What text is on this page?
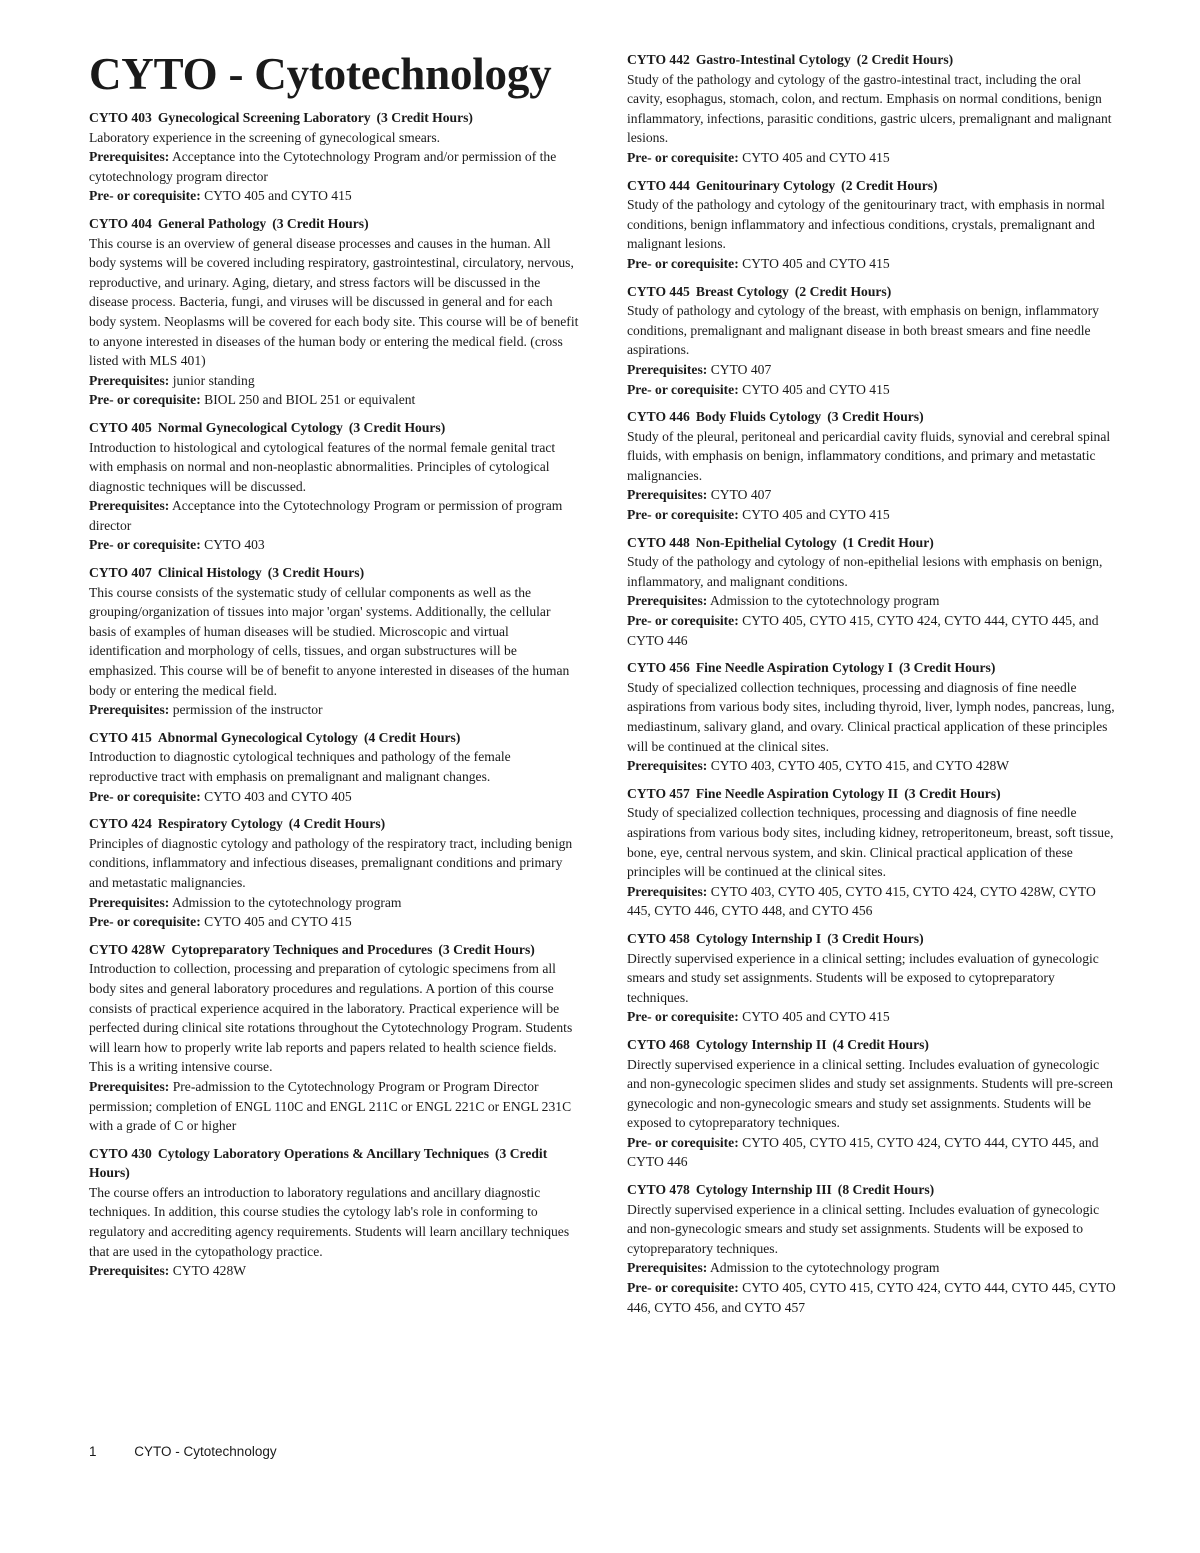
CYTO - Cytotechnology
CYTO 403 Gynecological Screening Laboratory (3 Credit Hours)
Laboratory experience in the screening of gynecological smears.
Prerequisites: Acceptance into the Cytotechnology Program and/or permission of the cytotechnology program director
Pre- or corequisite: CYTO 405 and CYTO 415
CYTO 404 General Pathology (3 Credit Hours)
This course is an overview of general disease processes and causes in the human. All body systems will be covered including respiratory, gastrointestinal, circulatory, nervous, reproductive, and urinary. Aging, dietary, and stress factors will be discussed in the disease process. Bacteria, fungi, and viruses will be discussed in general and for each body system. Neoplasms will be covered for each body site. This course will be of benefit to anyone interested in diseases of the human body or entering the medical field. (cross listed with MLS 401)
Prerequisites: junior standing
Pre- or corequisite: BIOL 250 and BIOL 251 or equivalent
CYTO 405 Normal Gynecological Cytology (3 Credit Hours)
Introduction to histological and cytological features of the normal female genital tract with emphasis on normal and non-neoplastic abnormalities. Principles of cytological diagnostic techniques will be discussed.
Prerequisites: Acceptance into the Cytotechnology Program or permission of program director
Pre- or corequisite: CYTO 403
CYTO 407 Clinical Histology (3 Credit Hours)
This course consists of the systematic study of cellular components as well as the grouping/organization of tissues into major 'organ' systems. Additionally, the cellular basis of examples of human diseases will be studied. Microscopic and virtual identification and morphology of cells, tissues, and organ substructures will be emphasized. This course will be of benefit to anyone interested in diseases of the human body or entering the medical field.
Prerequisites: permission of the instructor
CYTO 415 Abnormal Gynecological Cytology (4 Credit Hours)
Introduction to diagnostic cytological techniques and pathology of the female reproductive tract with emphasis on premalignant and malignant changes.
Pre- or corequisite: CYTO 403 and CYTO 405
CYTO 424 Respiratory Cytology (4 Credit Hours)
Principles of diagnostic cytology and pathology of the respiratory tract, including benign conditions, inflammatory and infectious diseases, premalignant conditions and primary and metastatic malignancies.
Prerequisites: Admission to the cytotechnology program
Pre- or corequisite: CYTO 405 and CYTO 415
CYTO 428W Cytopreparatory Techniques and Procedures (3 Credit Hours)
Introduction to collection, processing and preparation of cytologic specimens from all body sites and general laboratory procedures and regulations. A portion of this course consists of practical experience acquired in the laboratory. Practical experience will be perfected during clinical site rotations throughout the Cytotechnology Program. Students will learn how to properly write lab reports and papers related to health science fields. This is a writing intensive course.
Prerequisites: Pre-admission to the Cytotechnology Program or Program Director permission; completion of ENGL 110C and ENGL 211C or ENGL 221C or ENGL 231C with a grade of C or higher
CYTO 430 Cytology Laboratory Operations & Ancillary Techniques (3 Credit Hours)
The course offers an introduction to laboratory regulations and ancillary diagnostic techniques. In addition, this course studies the cytology lab's role in conforming to regulatory and accrediting agency requirements. Students will learn ancillary techniques that are used in the cytopathology practice.
Prerequisites: CYTO 428W
CYTO 442 Gastro-Intestinal Cytology (2 Credit Hours)
Study of the pathology and cytology of the gastro-intestinal tract, including the oral cavity, esophagus, stomach, colon, and rectum. Emphasis on normal conditions, benign inflammatory, infections, parasitic conditions, gastric ulcers, premalignant and malignant lesions.
Pre- or corequisite: CYTO 405 and CYTO 415
CYTO 444 Genitourinary Cytology (2 Credit Hours)
Study of the pathology and cytology of the genitourinary tract, with emphasis in normal conditions, benign inflammatory and infectious conditions, crystals, premalignant and malignant lesions.
Pre- or corequisite: CYTO 405 and CYTO 415
CYTO 445 Breast Cytology (2 Credit Hours)
Study of pathology and cytology of the breast, with emphasis on benign, inflammatory conditions, premalignant and malignant disease in both breast smears and fine needle aspirations.
Prerequisites: CYTO 407
Pre- or corequisite: CYTO 405 and CYTO 415
CYTO 446 Body Fluids Cytology (3 Credit Hours)
Study of the pleural, peritoneal and pericardial cavity fluids, synovial and cerebral spinal fluids, with emphasis on benign, inflammatory conditions, and primary and metastatic malignancies.
Prerequisites: CYTO 407
Pre- or corequisite: CYTO 405 and CYTO 415
CYTO 448 Non-Epithelial Cytology (1 Credit Hour)
Study of the pathology and cytology of non-epithelial lesions with emphasis on benign, inflammatory, and malignant conditions.
Prerequisites: Admission to the cytotechnology program
Pre- or corequisite: CYTO 405, CYTO 415, CYTO 424, CYTO 444, CYTO 445, and CYTO 446
CYTO 456 Fine Needle Aspiration Cytology I (3 Credit Hours)
Study of specialized collection techniques, processing and diagnosis of fine needle aspirations from various body sites, including thyroid, liver, lymph nodes, pancreas, lung, mediastinum, salivary gland, and ovary. Clinical practical application of these principles will be continued at the clinical sites.
Prerequisites: CYTO 403, CYTO 405, CYTO 415, and CYTO 428W
CYTO 457 Fine Needle Aspiration Cytology II (3 Credit Hours)
Study of specialized collection techniques, processing and diagnosis of fine needle aspirations from various body sites, including kidney, retroperitoneum, breast, soft tissue, bone, eye, central nervous system, and skin. Clinical practical application of these principles will be continued at the clinical sites.
Prerequisites: CYTO 403, CYTO 405, CYTO 415, CYTO 424, CYTO 428W, CYTO 445, CYTO 446, CYTO 448, and CYTO 456
CYTO 458 Cytology Internship I (3 Credit Hours)
Directly supervised experience in a clinical setting; includes evaluation of gynecologic smears and study set assignments. Students will be exposed to cytopreparatory techniques.
Pre- or corequisite: CYTO 405 and CYTO 415
CYTO 468 Cytology Internship II (4 Credit Hours)
Directly supervised experience in a clinical setting. Includes evaluation of gynecologic and non-gynecologic specimen slides and study set assignments. Students will pre-screen gynecologic and non-gynecologic smears and study set assignments. Students will be exposed to cytopreparatory techniques.
Pre- or corequisite: CYTO 405, CYTO 415, CYTO 424, CYTO 444, CYTO 445, and CYTO 446
CYTO 478 Cytology Internship III (8 Credit Hours)
Directly supervised experience in a clinical setting. Includes evaluation of gynecologic and non-gynecologic smears and study set assignments. Students will be exposed to cytopreparatory techniques.
Prerequisites: Admission to the cytotechnology program
Pre- or corequisite: CYTO 405, CYTO 415, CYTO 424, CYTO 444, CYTO 445, CYTO 446, CYTO 456, and CYTO 457
1	CYTO - Cytotechnology
